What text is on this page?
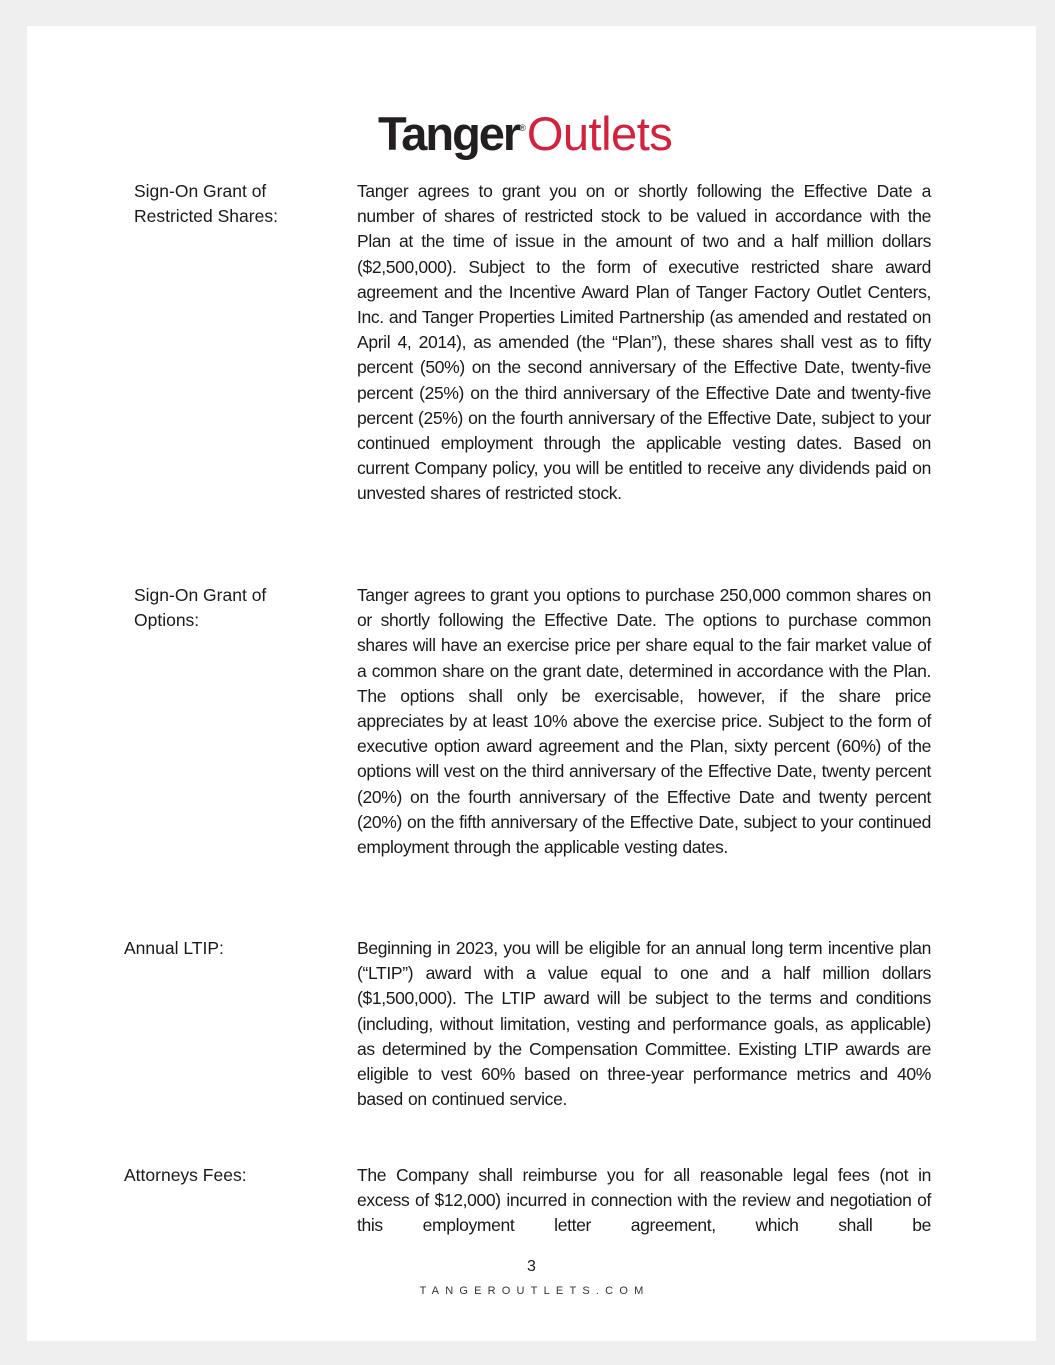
Tanger®Outlets
Sign-On Grant of
Restricted Shares:

Tanger agrees to grant you on or shortly following the Effective Date a number of shares of restricted stock to be valued in accordance with the Plan at the time of issue in the amount of two and a half million dollars ($2,500,000). Subject to the form of executive restricted share award agreement and the Incentive Award Plan of Tanger Factory Outlet Centers, Inc. and Tanger Properties Limited Partnership (as amended and restated on April 4, 2014), as amended (the “Plan”), these shares shall vest as to fifty percent (50%) on the second anniversary of the Effective Date, twenty-five percent (25%) on the third anniversary of the Effective Date and twenty-five percent (25%) on the fourth anniversary of the Effective Date, subject to your continued employment through the applicable vesting dates. Based on current Company policy, you will be entitled to receive any dividends paid on unvested shares of restricted stock.

Sign-On Grant of
Options:

Tanger agrees to grant you options to purchase 250,000 common shares on or shortly following the Effective Date. The options to purchase common shares will have an exercise price per share equal to the fair market value of a common share on the grant date, determined in accordance with the Plan. The options shall only be exercisable, however, if the share price appreciates by at least 10% above the exercise price. Subject to the form of executive option award agreement and the Plan, sixty percent (60%) of the options will vest on the third anniversary of the Effective Date, twenty percent (20%) on the fourth anniversary of the Effective Date and twenty percent (20%) on the fifth anniversary of the Effective Date, subject to your continued employment through the applicable vesting dates.

Annual LTIP:	Beginning in 2023, you will be eligible for an annual long term incentive plan (“LTIP”) award with a value equal to one and a half million dollars ($1,500,000). The LTIP award will be subject to the terms and conditions (including, without limitation, vesting and performance goals, as applicable) as determined by the Compensation Committee. Existing LTIP awards are eligible to vest 60% based on three-year performance metrics and 40% based on continued service.

Attorneys Fees:	The Company shall reimburse you for all reasonable legal fees (not in excess of $12,000) incurred in connection with the review and negotiation of this employment letter agreement, which shall be

3
TANGEROUTLETS.COM
